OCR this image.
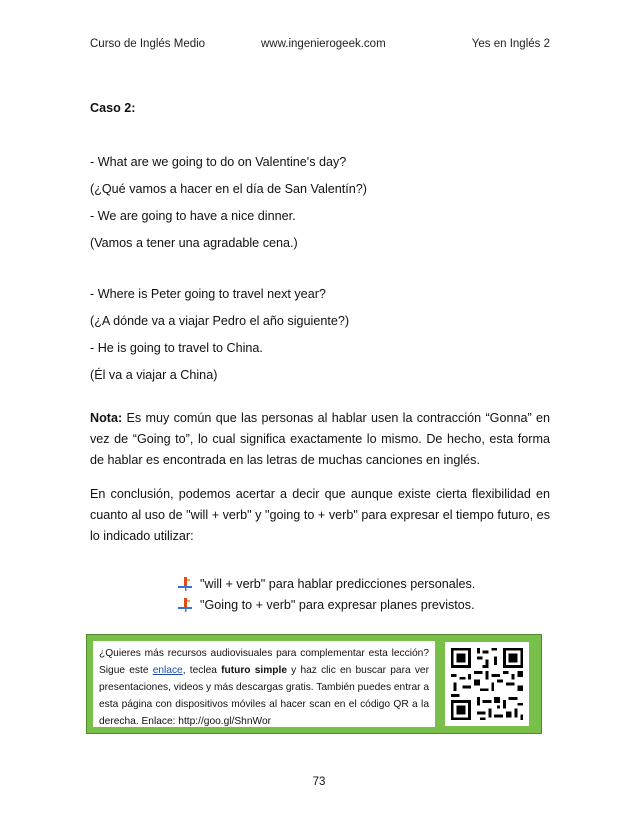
Curso de Inglés Medio	www.ingenierogeek.com	Yes en Inglés 2
Caso 2:
- What are we going to do on Valentine's day?
(¿Qué vamos a hacer en el día de San Valentín?)
- We are going to have a nice dinner.
(Vamos a tener una agradable cena.)
- Where is Peter going to travel next year?
(¿A dónde va a viajar Pedro el año siguiente?)
- He is going to travel to China.
(Él va a viajar a China)
Nota: Es muy común que las personas al hablar usen la contracción “Gonna” en vez de “Going to”, lo cual significa exactamente lo mismo. De hecho, esta forma de hablar es encontrada en las letras de muchas canciones en inglés.
En conclusión, podemos acertar a decir que aunque existe cierta flexibilidad en cuanto al uso de "will + verb" y "going to + verb" para expresar el tiempo futuro, es lo indicado utilizar:
"will + verb" para hablar predicciones personales.
"Going to + verb" para expresar planes previstos.
¿Quieres más recursos audiovisuales para complementar esta lección? Sigue este enlace, teclea futuro simple y haz clic en buscar para ver presentaciones, videos y más descargas gratis. También puedes entrar a esta página con dispositivos móviles al hacer scan en el código QR a la derecha. Enlace: http://goo.gl/ShnWor
73
